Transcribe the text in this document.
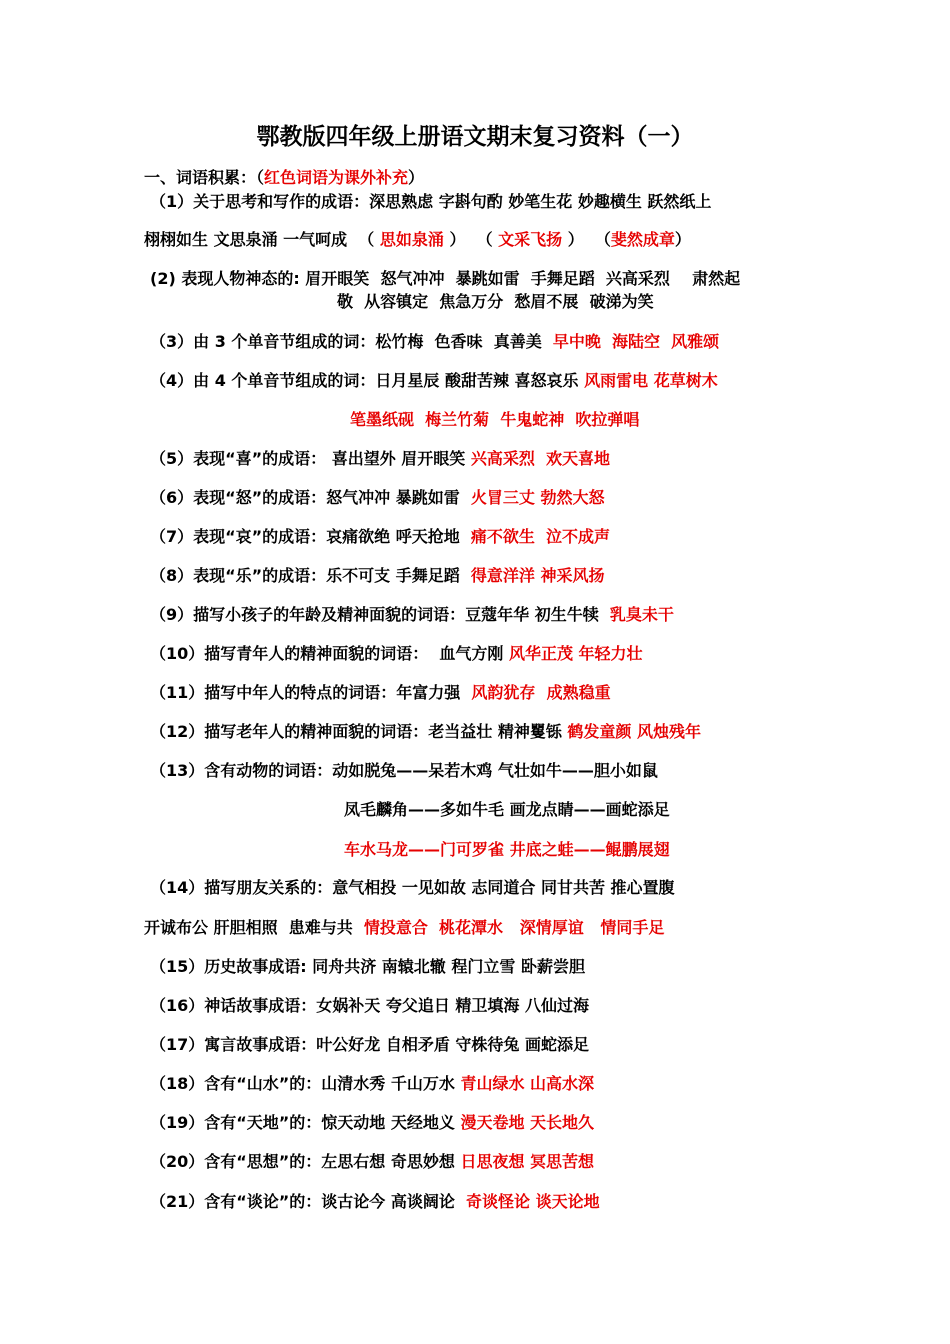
鄂教版四年级上册语文期末复习资料（一）
一、词语积累：（红色词语为课外补充）
（1）关于思考和写作的成语：深思熟虑 字斟句酌 妙笔生花 妙趣横生 跃然纸上
栩栩如生 文思泉涌 一气呵成  （ 思如泉涌 ）  （ 文采飞扬 ）  （斐然成章）
(2) 表现人物神态的: 眉开眼笑  怒气冲冲  暴跳如雷  手舞足蹈  兴高采烈    肃然起
敬  从容镇定  焦急万分  愁眉不展  破涕为笑
（3）由 3 个单音节组成的词：松竹梅  色香味  真善美  早中晚  海陆空  风雅颂
（4）由 4 个单音节组成的词：日月星辰 酸甜苦辣 喜怒哀乐 风雨雷电 花草树木
笔墨纸砚  梅兰竹菊  牛鬼蛇神  吹拉弹唱
（5）表现“喜”的成语： 喜出望外 眉开眼笑 兴高采烈  欢天喜地
（6）表现“怒”的成语：怒气冲冲 暴跳如雷  火冒三丈 勃然大怒
（7）表现“哀”的成语：哀痛欲绝 呼天抢地  痛不欲生  泣不成声
（8）表现“乐”的成语：乐不可支 手舞足蹈  得意洋洋 神采风扬
（9）描写小孩子的年龄及精神面貌的词语：豆蔻年华 初生牛犊  乳臭未干
（10）描写青年人的精神面貌的词语：  血气方刚 风华正茂 年轻力壮
（11）描写中年人的特点的词语：年富力强  风韵犹存  成熟稳重
（12）描写老年人的精神面貌的词语：老当益壮 精神矍铄 鹤发童颜 风烛残年
（13）含有动物的词语：动如脱兔——呆若木鸡 气壮如牛——胆小如鼠
凤毛麟角——多如牛毛 画龙点睛——画蛇添足
车水马龙——门可罗雀 井底之蛙——鲲鹏展翅
（14）描写朋友关系的：意气相投 一见如故 志同道合 同甘共苦 推心置腹
开诚布公 肝胆相照  患难与共  情投意合  桃花潭水   深情厚谊   情同手足
（15）历史故事成语: 同舟共济 南辕北辙 程门立雪 卧薪尝胆
（16）神话故事成语：女娲补天 夸父追日 精卫填海 八仙过海
（17）寓言故事成语：叶公好龙 自相矛盾 守株待兔 画蛇添足
（18）含有“山水”的：山清水秀 千山万水 青山绿水 山高水深
（19）含有“天地”的：惊天动地 天经地义 漫天卷地 天长地久
（20）含有“思想”的：左思右想 奇思妙想 日思夜想 冥思苦想
（21）含有“谈论”的：谈古论今 高谈阔论  奇谈怪论 谈天论地
